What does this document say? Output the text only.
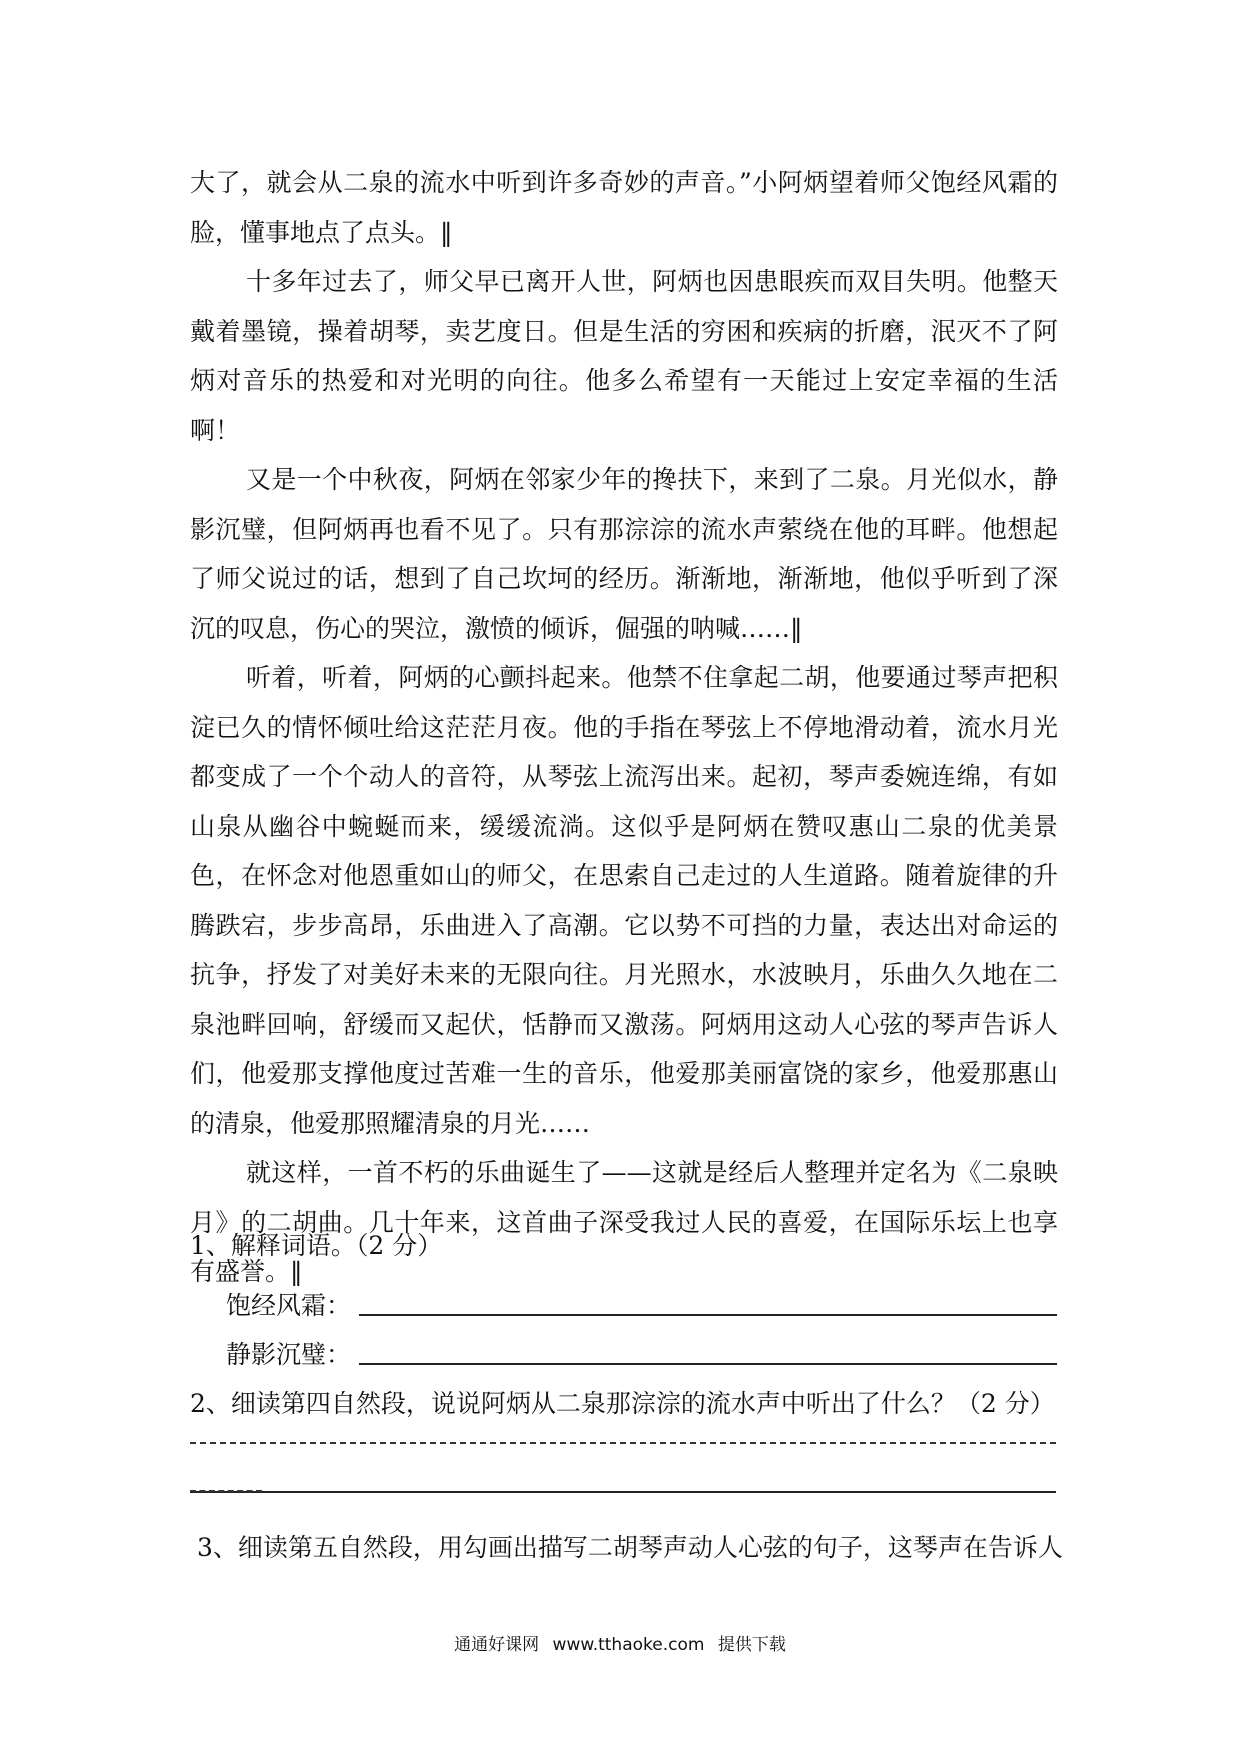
大了，就会从二泉的流水中听到许多奇妙的声音。”小阿炳望着师父饱经风霜的脸，懂事地点了点头。‖

十多年过去了，师父早已离开人世，阿炳也因患眼疾而双目失明。他整天戴着墨镜，操着胡琴，卖艺度日。但是生活的穷困和疾病的折磨，泯灭不了阿炳对音乐的热爱和对光明的向往。他多么希望有一天能过上安定幸福的生活啊！

又是一个中秋夜，阿炳在邻家少年的搀扶下，来到了二泉。月光似水，静影沉璧，但阿炳再也看不见了。只有那淙淙的流水声萦绕在他的耳畔。他想起了师父说过的话，想到了自己坎坷的经历。渐渐地，渐渐地，他似乎听到了深沉的叹息，伤心的哭泣，激愤的倾诉，倔强的呐喊……‖

听着，听着，阿炳的心颤抖起来。他禁不住拿起二胡，他要通过琴声把积淀已久的情怀倾吐给这茫茫月夜。他的手指在琴弦上不停地滑动着，流水月光都变成了一个个动人的音符，从琴弦上流泻出来。起初，琴声委婉连绵，有如山泉从幽谷中蜿蜒而来，缓缓流淌。这似乎是阿炳在赞叹惠山二泉的优美景色，在怀念对他恩重如山的师父，在思索自己走过的人生道路。随着旋律的升腾跌宕，步步高昂，乐曲进入了高潮。它以势不可挡的力量，表达出对命运的抗争，抒发了对美好未来的无限向往。月光照水，水波映月，乐曲久久地在二泉池畔回响，舒缓而又起伏，恬静而又激荡。阿炳用这动人心弦的琴声告诉人们，他爱那支撑他度过苦难一生的音乐，他爱那美丽富饶的家乡，他爱那惠山的清泉，他爱那照耀清泉的月光……

就这样，一首不朽的乐曲诞生了——这就是经后人整理并定名为《二泉映月》的二胡曲。几十年来，这首曲子深受我过人民的喜爱，在国际乐坛上也享有盛誉。‖

1、解释词语。（2 分）
饱经风霜：
静影沉璧：
2、细读第四自然段，说说阿炳从二泉那淙淙的流水声中听出了什么？（2 分）
3、细读第五自然段，用勾画出描写二胡琴声动人心弦的句子，这琴声在告诉人
通通好课网 www.tthaoke.com 提供下载
